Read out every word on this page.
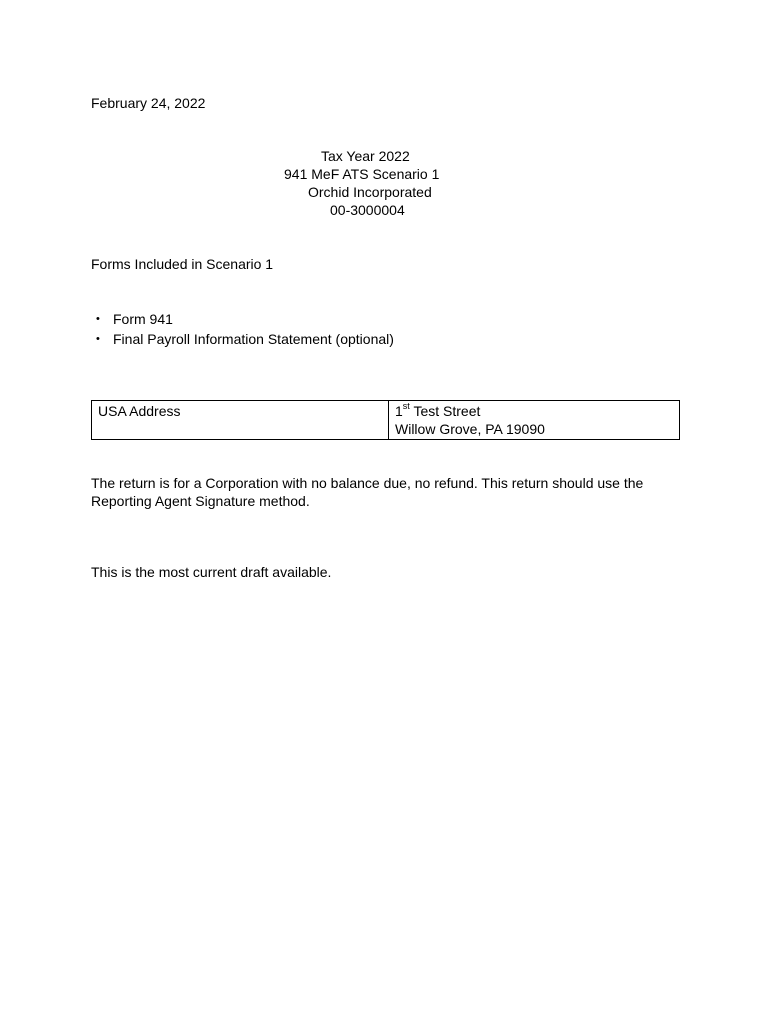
February 24, 2022
Tax Year 2022
941 MeF ATS Scenario 1
Orchid Incorporated
00-3000004
Forms Included in Scenario 1
• Form 941
• Final Payroll Information Statement (optional)
USA Address	1st Test Street
Willow Grove, PA 19090
The return is for a Corporation with no balance due, no refund. This return should use the Reporting Agent Signature method.
This is the most current draft available.
